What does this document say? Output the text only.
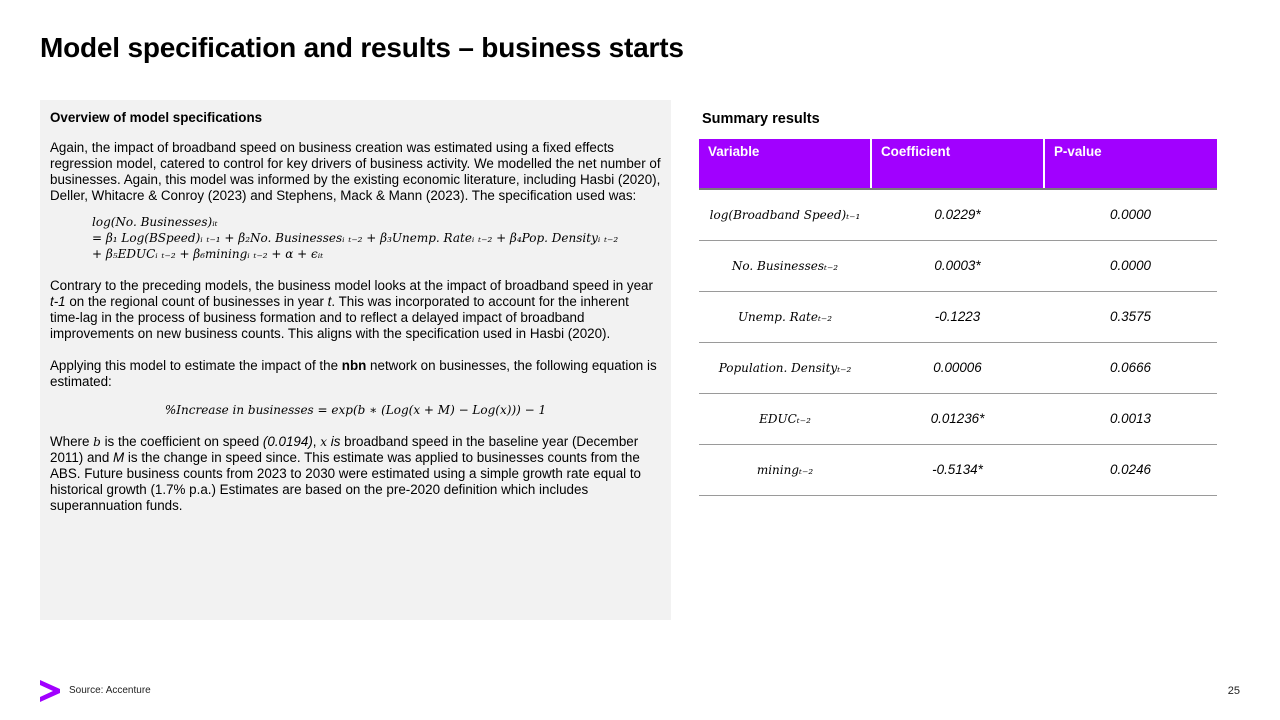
Model specification and results – business starts

Overview of model specifications

Again, the impact of broadband speed on business creation was estimated using a fixed effects regression model, catered to control for key drivers of business activity. We modelled the net number of businesses. Again, this model was informed by the existing economic literature, including Hasbi (2020), Deller, Whitacre & Conroy (2023) and Stephens, Mack & Mann (2023). The specification used was:

log(No. Businesses)ᵢₜ
= β₁ Log(BSpeed)ᵢ ₜ₋₁ + β₂No. Businessesᵢ ₜ₋₂ + β₃Unemp. Rateᵢ ₜ₋₂ + β₄Pop. Densityᵢ ₜ₋₂
+ β₅EDUCᵢ ₜ₋₂ + β₆miningᵢ ₜ₋₂ + α + ϵᵢₜ

Contrary to the preceding models, the business model looks at the impact of broadband speed in year t-1 on the regional count of businesses in year t. This was incorporated to account for the inherent time-lag in the process of business formation and to reflect a delayed impact of broadband improvements on new business counts. This aligns with the specification used in Hasbi (2020).

Applying this model to estimate the impact of the nbn network on businesses, the following equation is estimated:

%Increase in businesses = exp(b ∗ (Log(x + M) − Log(x))) − 1

Where b is the coefficient on speed (0.0194), x is broadband speed in the baseline year (December 2011) and M is the change in speed since. This estimate was applied to businesses counts from the ABS. Future business counts from 2023 to 2030 were estimated using a simple growth rate equal to historical growth (1.7% p.a.) Estimates are based on the pre-2020 definition which includes superannuation funds.

Summary results
Variable	Coefficient	P-value
log(Broadband Speed)ₜ₋₁	0.0229*	0.0000
No. Businessesₜ₋₂	0.0003*	0.0000
Unemp. Rateₜ₋₂	-0.1223	0.3575
Population. Densityₜ₋₂	0.00006	0.0666
EDUCₜ₋₂	0.01236*	0.0013
miningₜ₋₂	-0.5134*	0.0246
Source: Accenture	25
